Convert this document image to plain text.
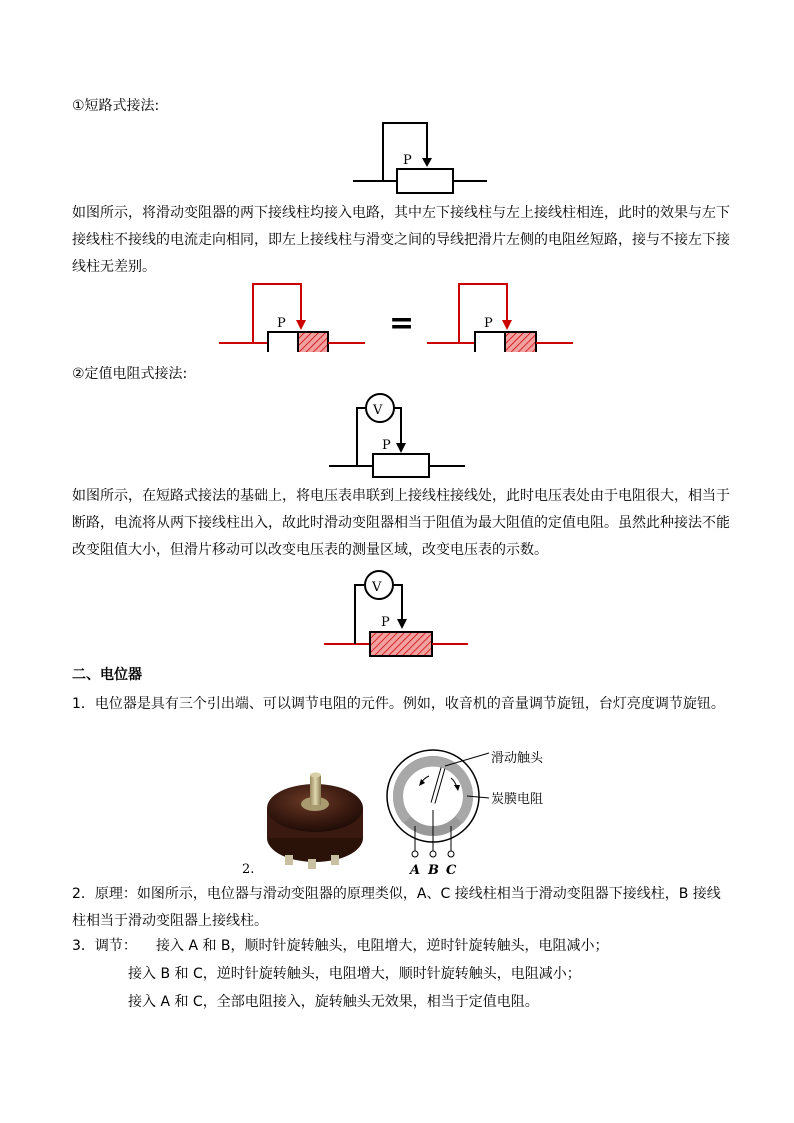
①短路式接法:
P
如图所示，将滑动变阻器的两下接线柱均接入电路，其中左下接线柱与左上接线柱相连，此时的效果与左下接线柱不接线的电流走向相同，即左上接线柱与滑变之间的导线把滑片左侧的电阻丝短路，接与不接左下接线柱无差别。
P	=	P
②定值电阻式接法:
V
P
如图所示，在短路式接法的基础上，将电压表串联到上接线柱接线处，此时电压表处由于电阻很大，相当于断路，电流将从两下接线柱出入，故此时滑动变阻器相当于阻值为最大阻值的定值电阻。虽然此种接法不能改变阻值大小，但滑片移动可以改变电压表的测量区域，改变电压表的示数。
V
P
二、电位器
1．电位器是具有三个引出端、可以调节电阻的元件。例如，收音机的音量调节旋钮，台灯亮度调节旋钮。
2.
滑动触头
炭膜电阻
A B C
2．原理：如图所示，电位器与滑动变阻器的原理类似，A、C 接线柱相当于滑动变阻器下接线柱，B 接线柱相当于滑动变阻器上接线柱。
3．调节： 接入 A 和 B，顺时针旋转触头，电阻增大，逆时针旋转触头，电阻减小；
接入 B 和 C，逆时针旋转触头，电阻增大，顺时针旋转触头，电阻减小；
接入 A 和 C，全部电阻接入，旋转触头无效果，相当于定值电阻。
